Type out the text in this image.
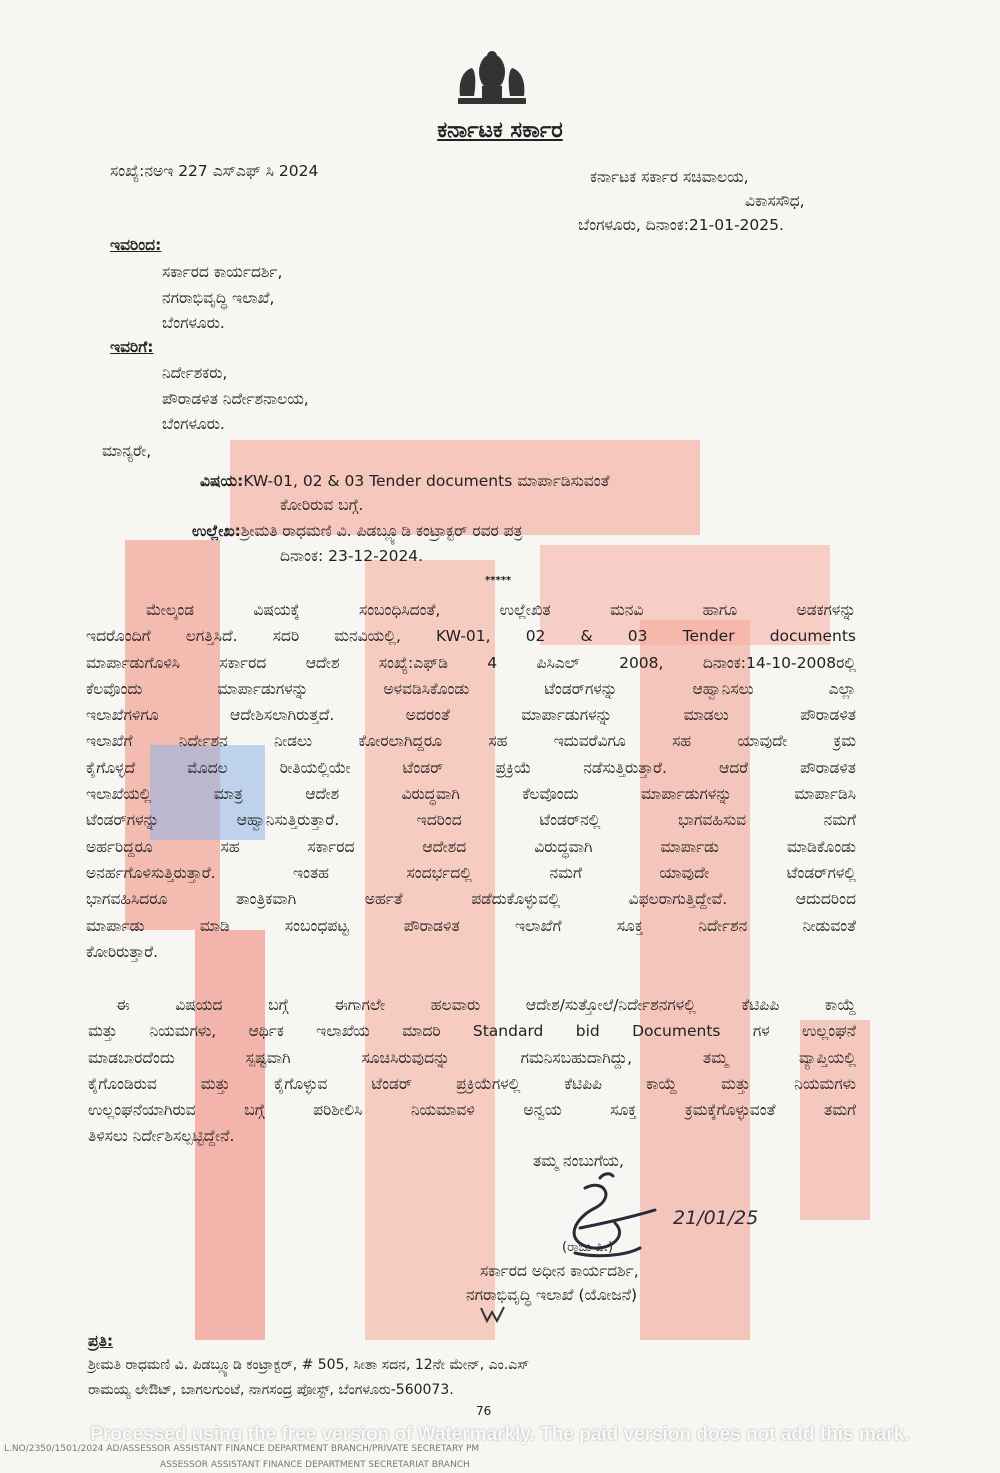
ಕರ್ನಾಟಕ ಸರ್ಕಾರ
ಸಂಖ್ಯೆ:ನಅಇ 227 ಎಸ್‌ಎಫ್ ಸಿ 2024	ಕರ್ನಾಟಕ ಸರ್ಕಾರ ಸಚಿವಾಲಯ,
ವಿಕಾಸಸೌಧ,
ಬೆಂಗಳೂರು, ದಿನಾಂಕ:21-01-2025.
ಇವರಿಂದ:
ಸರ್ಕಾರದ ಕಾರ್ಯದರ್ಶಿ,
ನಗರಾಭಿವೃದ್ಧಿ ಇಲಾಖೆ,
ಬೆಂಗಳೂರು.
ಇವರಿಗೆ:
ನಿರ್ದೇಶಕರು,
ಪೌರಾಡಳಿತ ನಿರ್ದೇಶನಾಲಯ,
ಬೆಂಗಳೂರು.
ಮಾನ್ಯರೇ,
ವಿಷಯ:KW-01, 02 & 03 Tender documents ಮಾರ್ಪಾಡಿಸುವಂತೆ
ಕೋರಿರುವ ಬಗ್ಗೆ.
ಉಲ್ಲೇಖ:ಶ್ರೀಮತಿ ರಾಧಮಣಿ ವಿ. ಪಿಡಬ್ಲ್ಯೂಡಿ ಕಂಟ್ರಾಕ್ಟರ್ ರವರ ಪತ್ರ
ದಿನಾಂಕ: 23-12-2024.
*****
ಮೇಲ್ಕಂಡ ವಿಷಯಕ್ಕೆ ಸಂಬಂಧಿಸಿದಂತೆ, ಉಲ್ಲೇಖಿತ ಮನವಿ ಹಾಗೂ ಅಡಕಗಳನ್ನು
ಇದರೊಂದಿಗೆ ಲಗತ್ತಿಸಿದೆ. ಸದರಿ ಮನವಿಯಲ್ಲಿ, KW-01, 02 & 03 Tender documents
ಮಾರ್ಪಾಡುಗೊಳಿಸಿ ಸರ್ಕಾರದ ಆದೇಶ ಸಂಖ್ಯೆ:ಎಫ್‌ಡಿ 4 ಪಿಸಿಎಲ್ 2008, ದಿನಾಂಕ:14-10-2008ರಲ್ಲಿ
ಕೆಲವೊಂದು ಮಾರ್ಪಾಡುಗಳನ್ನು ಅಳವಡಿಸಿಕೊಂಡು ಟೆಂಡರ್‌ಗಳನ್ನು ಆಹ್ವಾನಿಸಲು ಎಲ್ಲಾ
ಇಲಾಖೆಗಳಿಗೂ ಆದೇಶಿಸಲಾಗಿರುತ್ತದೆ. ಅದರಂತೆ ಮಾರ್ಪಾಡುಗಳನ್ನು ಮಾಡಲು ಪೌರಾಡಳಿತ
ಇಲಾಖೆಗೆ ನಿರ್ದೇಶನ ನೀಡಲು ಕೋರಲಾಗಿದ್ದರೂ ಸಹ ಇದುವರೆವಿಗೂ ಸಹ ಯಾವುದೇ ಕ್ರಮ
ಕೈಗೊಳ್ಳದೆ ಮೊದಲ ರೀತಿಯಲ್ಲಿಯೇ ಟೆಂಡರ್ ಪ್ರಕ್ರಿಯೆ ನಡೆಸುತ್ತಿರುತ್ತಾರೆ. ಆದರೆ ಪೌರಾಡಳಿತ
ಇಲಾಖೆಯಲ್ಲಿ ಮಾತ್ರ ಆದೇಶ ವಿರುದ್ಧವಾಗಿ ಕೆಲವೊಂದು ಮಾರ್ಪಾಡುಗಳನ್ನು ಮಾರ್ಪಾಡಿಸಿ
ಟೆಂಡರ್‌ಗಳನ್ನು ಆಹ್ವಾನಿಸುತ್ತಿರುತ್ತಾರೆ. ಇದರಿಂದ ಟೆಂಡರ್‌ನಲ್ಲಿ ಭಾಗವಹಿಸುವ ನಮಗೆ
ಅರ್ಹರಿದ್ದರೂ ಸಹ ಸರ್ಕಾರದ ಆದೇಶದ ವಿರುದ್ಧವಾಗಿ ಮಾರ್ಪಾಡು ಮಾಡಿಕೊಂಡು
ಅನರ್ಹಗೊಳಿಸುತ್ತಿರುತ್ತಾರೆ. ಇಂತಹ ಸಂದರ್ಭದಲ್ಲಿ ನಮಗೆ ಯಾವುದೇ ಟೆಂಡರ್‌ಗಳಲ್ಲಿ
ಭಾಗವಹಿಸಿದರೂ ತಾಂತ್ರಿಕವಾಗಿ ಅರ್ಹತೆ ಪಡೆದುಕೊಳ್ಳುವಲ್ಲಿ ವಿಫಲರಾಗುತ್ತಿದ್ದೇವೆ. ಆದುದರಿಂದ
ಮಾರ್ಪಾಡು ಮಾಡಿ ಸಂಬಂಧಪಟ್ಟ ಪೌರಾಡಳಿತ ಇಲಾಖೆಗೆ ಸೂಕ್ತ ನಿರ್ದೇಶನ ನೀಡುವಂತೆ
ಕೋರಿರುತ್ತಾರೆ.
ಈ ವಿಷಯದ ಬಗ್ಗೆ ಈಗಾಗಲೇ ಹಲವಾರು ಆದೇಶ/ಸುತ್ತೋಲೆ/ನಿರ್ದೇಶನಗಳಲ್ಲಿ ಕೆಟಿಪಿಪಿ ಕಾಯ್ದೆ
ಮತ್ತು ನಿಯಮಗಳು, ಆರ್ಥಿಕ ಇಲಾಖೆಯ ಮಾದರಿ Standard bid Documents ಗಳ ಉಲ್ಲಂಘನೆ
ಮಾಡಬಾರದೆಂದು ಸ್ಪಷ್ಟವಾಗಿ ಸೂಚಿಸಿರುವುದನ್ನು ಗಮನಿಸಬಹುದಾಗಿದ್ದು, ತಮ್ಮ ವ್ಯಾಪ್ತಿಯಲ್ಲಿ
ಕೈಗೊಂಡಿರುವ ಮತ್ತು ಕೈಗೊಳ್ಳುವ ಟೆಂಡರ್ ಪ್ರಕ್ರಿಯೆಗಳಲ್ಲಿ ಕೆಟಿಪಿಪಿ ಕಾಯ್ದೆ ಮತ್ತು ನಿಯಮಗಳು
ಉಲ್ಲಂಘನೆಯಾಗಿರುವ ಬಗ್ಗೆ ಪರಿಶೀಲಿಸಿ ನಿಯಮಾವಳಿ ಅನ್ವಯ ಸೂಕ್ತ ಕ್ರಮಕ್ಕೆಗೊಳ್ಳುವಂತೆ ತಮಗೆ
ತಿಳಿಸಲು ನಿರ್ದೇಶಿಸಲ್ಪಟ್ಟಿದ್ದೇನೆ.
ತಮ್ಮ ನಂಬುಗೆಯ,
21/01/25
(ರಾಜು ಪಿ.)
ಸರ್ಕಾರದ ಅಧೀನ ಕಾರ್ಯದರ್ಶಿ,
ನಗರಾಭಿವೃದ್ಧಿ ಇಲಾಖೆ (ಯೋಜನೆ)
ಪ್ರತಿ:
ಶ್ರೀಮತಿ ರಾಧಮಣಿ ವಿ. ಪಿಡಬ್ಲ್ಯೂಡಿ ಕಂಟ್ರಾಕ್ಟರ್, # 505, ಸೀತಾ ಸದನ, 12ನೇ ಮೇನ್, ಎಂ.ಎಸ್
ರಾಮಯ್ಯ ಲೇಔಟ್, ಬಾಗಲಗುಂಟೆ, ನಾಗಸಂದ್ರ ಪೋಸ್ಟ್, ಬೆಂಗಳೂರು-560073.
76
L.NO/2350/1501/2024 AD/ASSESSOR ASSISTANT FINANCE DEPARTMENT BRANCH/PRIVATE SECRETARY PM
ASSESSOR ASSISTANT FINANCE DEPARTMENT SECRETARIAT BRANCH
Processed using the free version of Watermarkly. The paid version does not add this mark.
